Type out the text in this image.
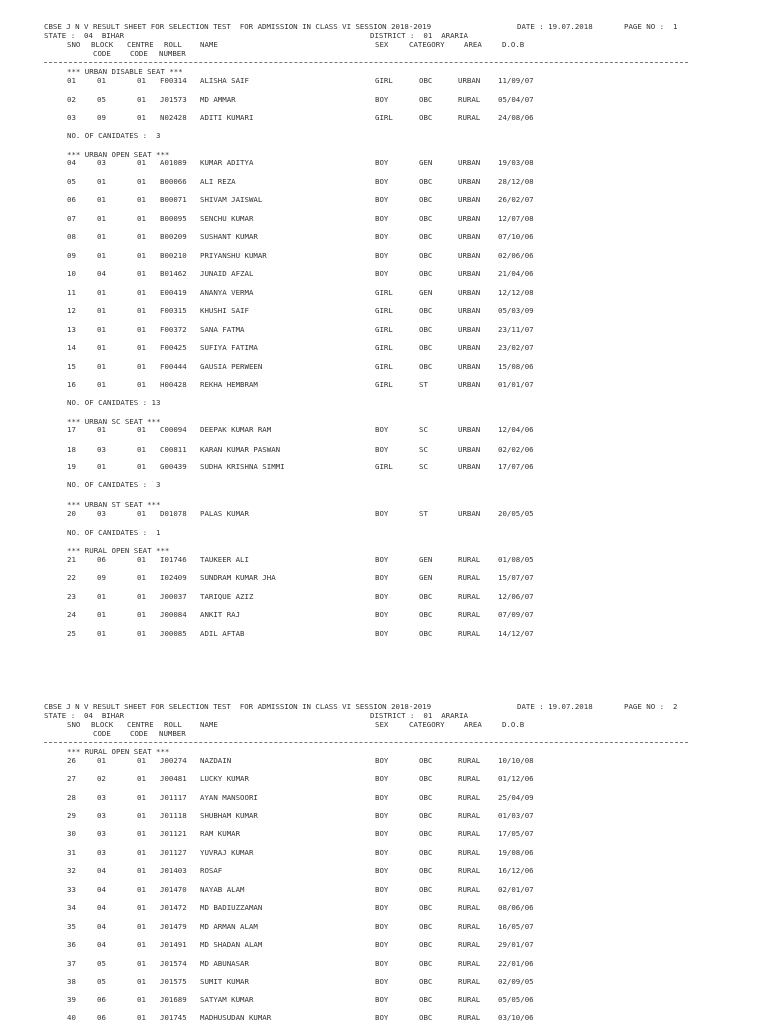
CBSE J N V RESULT SHEET FOR SELECTION TEST  FOR ADMISSION IN CLASS VI SESSION 2018-2019	DATE : 19.07.2018	PAGE NO :  1
STATE :  04  BIHAR	DISTRICT :  01  ARARIA
SNO BLOCK CENTRE ROLL NAME	SEX	CATEGORY	AREA	D.O.B
CODE	CODE NUMBER
*** URBAN DISABLE SEAT ***
01	01	01 F00314 ALISHA SAIF	GIRL	OBC	URBAN 11/09/07
02	05	01 J01573 MD AMMAR	BOY	OBC	RURAL 05/04/07
03	09	01 N02428 ADITI KUMARI	GIRL	OBC	RURAL 24/08/06
NO. OF CANIDATES :  3
*** URBAN OPEN SEAT ***
04	03	01 A01089 KUMAR ADITYA	BOY	GEN	URBAN 19/03/08
05	01	01 B00066 ALI REZA	BOY	OBC	URBAN 28/12/08
06	01	01 B00071 SHIVAM JAISWAL	BOY	OBC	URBAN 26/02/07
07	01	01 B00095 SENCHU KUMAR	BOY	OBC	URBAN 12/07/08
08	01	01 B00209 SUSHANT KUMAR	BOY	OBC	URBAN 07/10/06
09	01	01 B00210 PRIYANSHU KUMAR	BOY	OBC	URBAN 02/06/06
10	04	01 B01462 JUNAID AFZAL	BOY	OBC	URBAN 21/04/06
11	01	01 E00419 ANANYA VERMA	GIRL	GEN	URBAN 12/12/08
12	01	01 F00315 KHUSHI SAIF	GIRL	OBC	URBAN 05/03/09
13	01	01 F00372 SANA FATMA	GIRL	OBC	URBAN 23/11/07
14	01	01 F00425 SUFIYA FATIMA	GIRL	OBC	URBAN 23/02/07
15	01	01 F00444 GAUSIA PERWEEN	GIRL	OBC	URBAN 15/08/06
16	01	01 H00428 REKHA HEMBRAM	GIRL	ST	URBAN 01/01/07
NO. OF CANIDATES : 13
*** URBAN SC SEAT ***
17	01	01 C00094 DEEPAK KUMAR RAM	BOY	SC	URBAN 12/04/06
18	03	01 C00811 KARAN KUMAR PASWAN	BOY	SC	URBAN 02/02/06
19	01	01 G00439 SUDHA KRISHNA SIMMI	GIRL	SC	URBAN 17/07/06
NO. OF CANIDATES :  3
*** URBAN ST SEAT ***
20	03	01 D01078 PALAS KUMAR	BOY	ST	URBAN 20/05/05
NO. OF CANIDATES :  1
*** RURAL OPEN SEAT ***
21	06	01 I01746 TAUKEER ALI	BOY	GEN	RURAL 01/08/05
22	09	01 I02409 SUNDRAM KUMAR JHA	BOY	GEN	RURAL 15/07/07
23	01	01 J00037 TARIQUE AZIZ	BOY	OBC	RURAL 12/06/07
24	01	01 J00084 ANKIT RAJ	BOY	OBC	RURAL 07/09/07
25	01	01 J00085 ADIL AFTAB	BOY	OBC	RURAL 14/12/07
CBSE J N V RESULT SHEET FOR SELECTION TEST  FOR ADMISSION IN CLASS VI SESSION 2018-2019	DATE : 19.07.2018	PAGE NO :  2
STATE :  04  BIHAR	DISTRICT :  01  ARARIA
SNO BLOCK CENTRE ROLL NAME	SEX	CATEGORY	AREA	D.O.B
CODE	CODE NUMBER
*** RURAL OPEN SEAT ***
26	01	01 J00274 NAZDAIN	BOY	OBC	RURAL 10/10/08
27	02	01 J00481 LUCKY KUMAR	BOY	OBC	RURAL 01/12/06
28	03	01 J01117 AYAN MANSOORI	BOY	OBC	RURAL 25/04/09
29	03	01 J01118 SHUBHAM KUMAR	BOY	OBC	RURAL 01/03/07
30	03	01 J01121 RAM KUMAR	BOY	OBC	RURAL 17/05/07
31	03	01 J01127 YUVRAJ KUMAR	BOY	OBC	RURAL 19/08/06
32	04	01 J01403 ROSAF	BOY	OBC	RURAL 16/12/06
33	04	01 J01470 NAYAB ALAM	BOY	OBC	RURAL 02/01/07
34	04	01 J01472 MD BADIUZZAMAN	BOY	OBC	RURAL 08/06/06
35	04	01 J01479 MD ARMAN ALAM	BOY	OBC	RURAL 16/05/07
36	04	01 J01491 MD SHADAN ALAM	BOY	OBC	RURAL 29/01/07
37	05	01 J01574 MD ABUNASAR	BOY	OBC	RURAL 22/01/06
38	05	01 J01575 SUMIT KUMAR	BOY	OBC	RURAL 02/09/05
39	06	01 J01689 SATYAM KUMAR	BOY	OBC	RURAL 05/05/06
40	06	01 J01745 MADHUSUDAN KUMAR	BOY	OBC	RURAL 03/10/06
